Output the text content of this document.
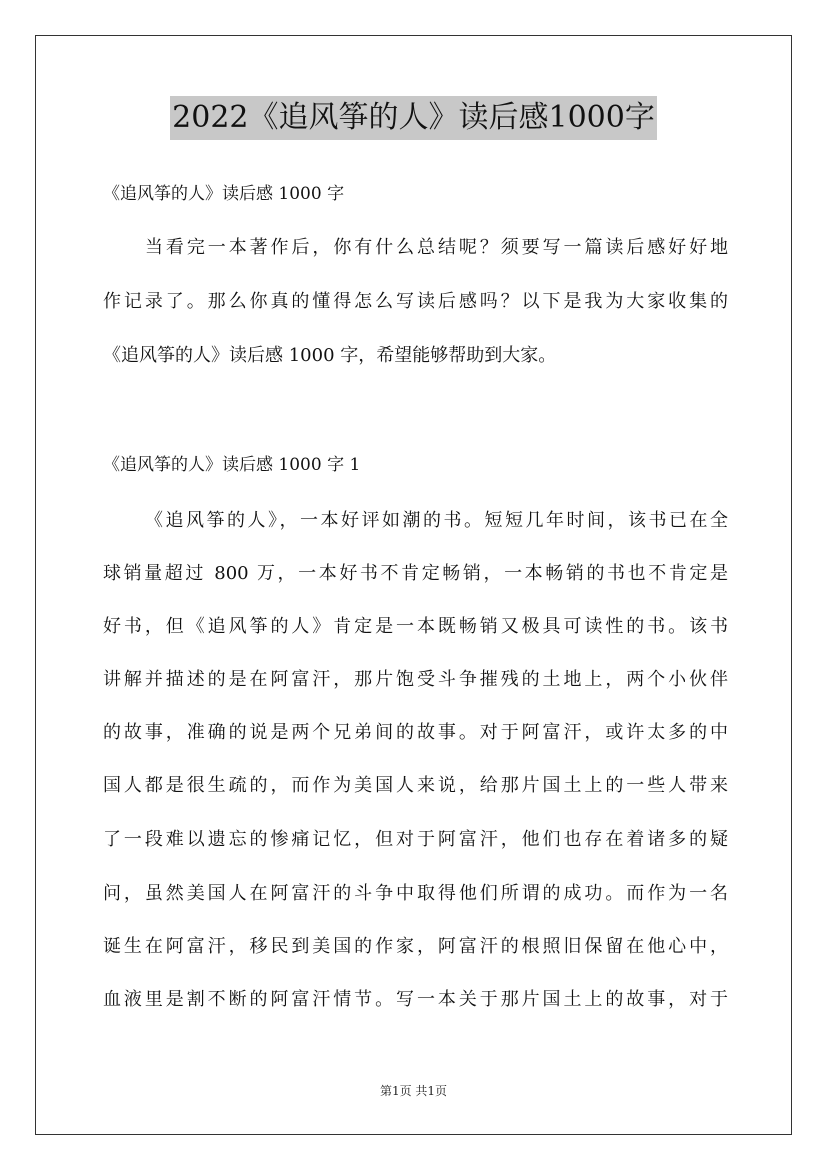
2022《追风筝的人》读后感1000字
《追风筝的人》读后感 1000 字
当看完一本著作后，你有什么总结呢？须要写一篇读后感好好地
作记录了。那么你真的懂得怎么写读后感吗？以下是我为大家收集的
《追风筝的人》读后感 1000 字，希望能够帮助到大家。
《追风筝的人》读后感 1000 字 1
《追风筝的人》，一本好评如潮的书。短短几年时间，该书已在全
球销量超过 800 万，一本好书不肯定畅销，一本畅销的书也不肯定是
好书，但《追风筝的人》肯定是一本既畅销又极具可读性的书。该书
讲解并描述的是在阿富汗，那片饱受斗争摧残的土地上，两个小伙伴
的故事，准确的说是两个兄弟间的故事。对于阿富汗，或许太多的中
国人都是很生疏的，而作为美国人来说，给那片国土上的一些人带来
了一段难以遗忘的惨痛记忆，但对于阿富汗，他们也存在着诸多的疑
问，虽然美国人在阿富汗的斗争中取得他们所谓的成功。而作为一名
诞生在阿富汗，移民到美国的作家，阿富汗的根照旧保留在他心中，
血液里是割不断的阿富汗情节。写一本关于那片国土上的故事，对于
第1页 共1页
